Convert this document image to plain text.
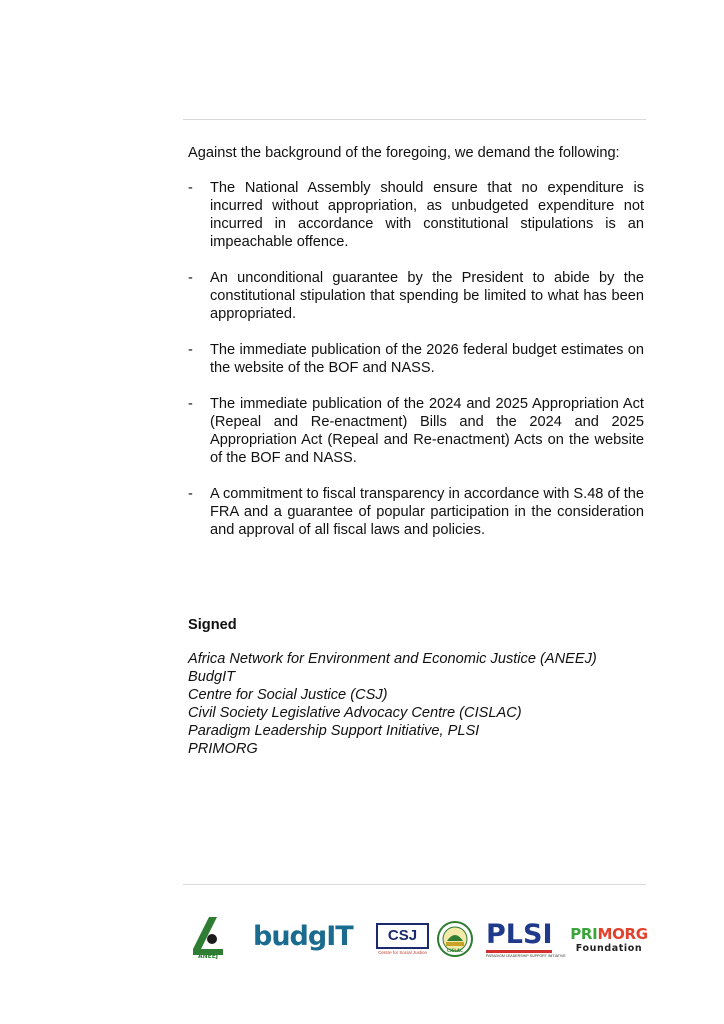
Against the background of the foregoing, we demand the following:

-	The National Assembly should ensure that no expenditure is incurred without appropriation, as unbudgeted expenditure not incurred in accordance with constitutional stipulations is an impeachable offence.
-	An unconditional guarantee by the President to abide by the constitutional stipulation that spending be limited to what has been appropriated.
-	The immediate publication of the 2026 federal budget estimates on the website of the BOF and NASS.
-	The immediate publication of the 2024 and 2025 Appropriation Act (Repeal and Re-enactment) Bills and the 2024 and 2025 Appropriation Act (Repeal and Re-enactment) Acts on the website of the BOF and NASS.
-	A commitment to fiscal transparency in accordance with S.48 of the FRA and a guarantee of popular participation in the consideration and approval of all fiscal laws and policies.

Signed

Africa Network for Environment and Economic Justice (ANEEJ)

BudgIT

Centre for Social Justice (CSJ)

Civil Society Legislative Advocacy Centre (CISLAC)

Paradigm Leadership Support Initiative, PLSI

PRIMORG

ANEEJ
budgIT	CSJ
Centre for Social Justice	CISLAC
PLSI
PARADIGM LEADERSHIP SUPPORT INITIATIVE
PRIMORG
Foundation
